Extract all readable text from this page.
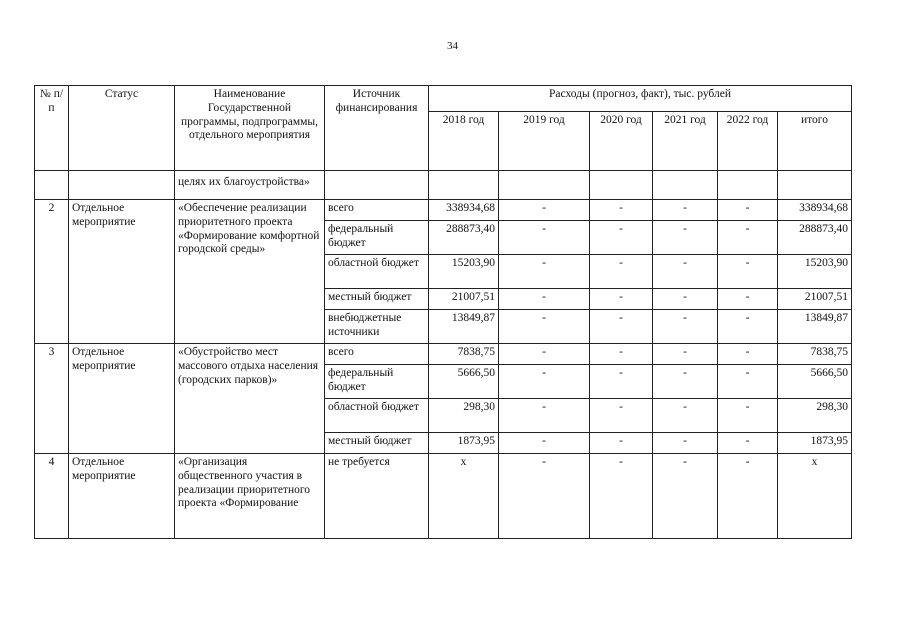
34
№ п/п	Статус	Наименование Государственной программы, подпрограммы, отдельного мероприятия	Источник финансирования	Расходы (прогноз, факт), тыс. рублей					
				2018 год	2019 год	2020 год	2021 год	2022 год	итого
		целях их благоустройства»							
2	Отдельное мероприятие	«Обеспечение реализации приоритетного проекта «Формирование комфортной городской среды»	всего	338934,68	-	-	-	-	338934,68
			федеральный бюджет	288873,40	-	-	-	-	288873,40
			областной бюджет	15203,90	-	-	-	-	15203,90
			местный бюджет	21007,51	-	-	-	-	21007,51
			внебюджетные источники	13849,87	-	-	-	-	13849,87
3	Отдельное мероприятие	«Обустройство мест массового отдыха населения (городских парков)»	всего	7838,75	-	-	-	-	7838,75
			федеральный бюджет	5666,50	-	-	-	-	5666,50
			областной бюджет	298,30	-	-	-	-	298,30
			местный бюджет	1873,95	-	-	-	-	1873,95
4	Отдельное мероприятие	«Организация общественного участия в реализации приоритетного проекта «Формирование	не требуется	х	-	-	-	-	х
